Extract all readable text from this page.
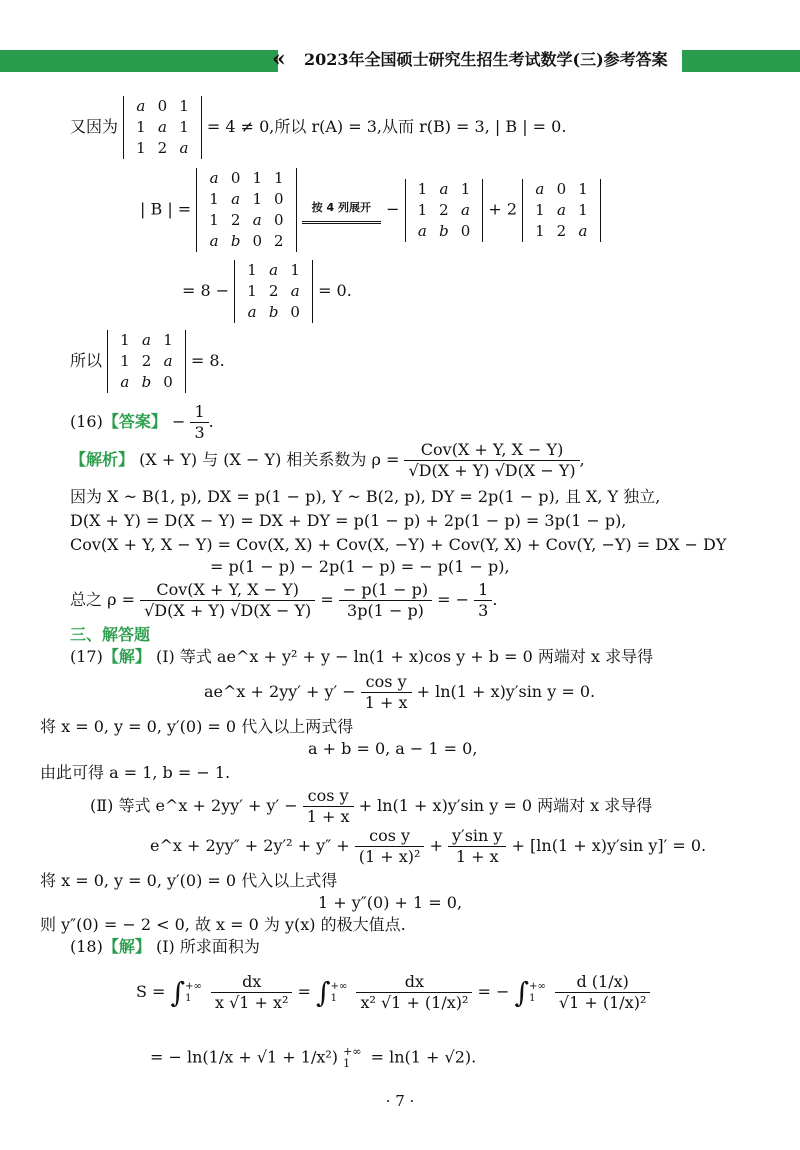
2023年全国硕士研究生招生考试数学(三)参考答案
«	◀◀
又因为
a	0	1
1	a	1
1	2	a
= 4 ≠ 0,所以 r(A) = 3,从而 r(B) = 3, | B | = 0.
| B | =
a	0	1	1
1	a	1	0
1	2	a	0
a	b	0	2

按 4 列展开 −
1	a	1
1	2	a
a	b	0
+ 2
a	0	1
1	a	1
1	2	a
= 8 −
1	a	1
1	2	a
a	b	0
= 0.
所以
1	a	1
1	2	a
a	b	0
= 8.
(16)【答案】 − $\frac{1}{3}$ .
【解析】 (X + Y) 与 (X − Y) 相关系数为 $\rho = \frac{\text{Cov(X + Y, X − Y)}}{√D(X + Y) √D(X - Y)}$ ,
因为 X ~ B(1, p), DX = p(1 − p), Y ~ B(2, p), DY = 2p(1 − p), 且 X, Y 独立,
D(X + Y) = D(X − Y) = DX + DY = p(1 − p) + 2p(1 − p) = 3p(1 − p),
Cov(X + Y, X − Y) = Cov(X, X) + Cov(X, −Y) + Cov(Y, X) + Cov(Y, −Y) = DX − DY
= p(1 − p) − 2p(1 − p) = − p(1 − p),
总之 $\rho = \frac{\text{Cov(X + Y, X − Y)}}{√D(X + Y) √D(X - Y)} = \frac{- p(1 - p)}{3p(1 - p)}$ = − $\frac{1}{3}$ .
三、解答题
(17)【解】 (Ⅰ) 等式 ae^x + y² + y − ln(1 + x)cos y + b = 0 两端对 x 求导得
ae^x + $2yy' + y' - \frac{\text{cos y}}{1 + x} + \ln(1 + x)y'\sin$ y = 0.
将 x = 0, y = 0, y′(0) = 0 代入以上两式得
a + b = 0, a − 1 = 0,
由此可得 a = 1, b = − 1.
(Ⅱ) 等式 e^x + $2yy' + y' - \frac{\text{cos y}}{1 + x} + \ln(1 + x)y'\sin$ y = 0 两端对 x 求导得
e^x + $2yy'' + 2y'^2 + y'' + \frac{\text{cos y}}{\text{(1 + x)²}} + \frac{\text{y′sin y}}{1 + x} + [\ln(1 + x)y'\sin$ y]′ = 0.
将 x = 0, y = 0, y′(0) = 0 代入以上式得
1 + y″(0) + 1 = 0,
则 y″(0) = − 2 < 0, 故 x = 0 为 y(x) 的极大值点.
(18)【解】 (Ⅰ) 所求面积为
S = ∫+∞
$1 \frac{dx}{\text{x √1 + x²}}$ = ∫+∞
$1 \frac{dx}{\text{x² √1 + (1/x)²}}$ = − ∫+∞
$1 \frac{d (1/x)}{\text{√1 + (1/x)²}}$
= − ln(1/x + √1 + 1/x²) +∞
1 = ln(1 + √2).
· 7 ·
